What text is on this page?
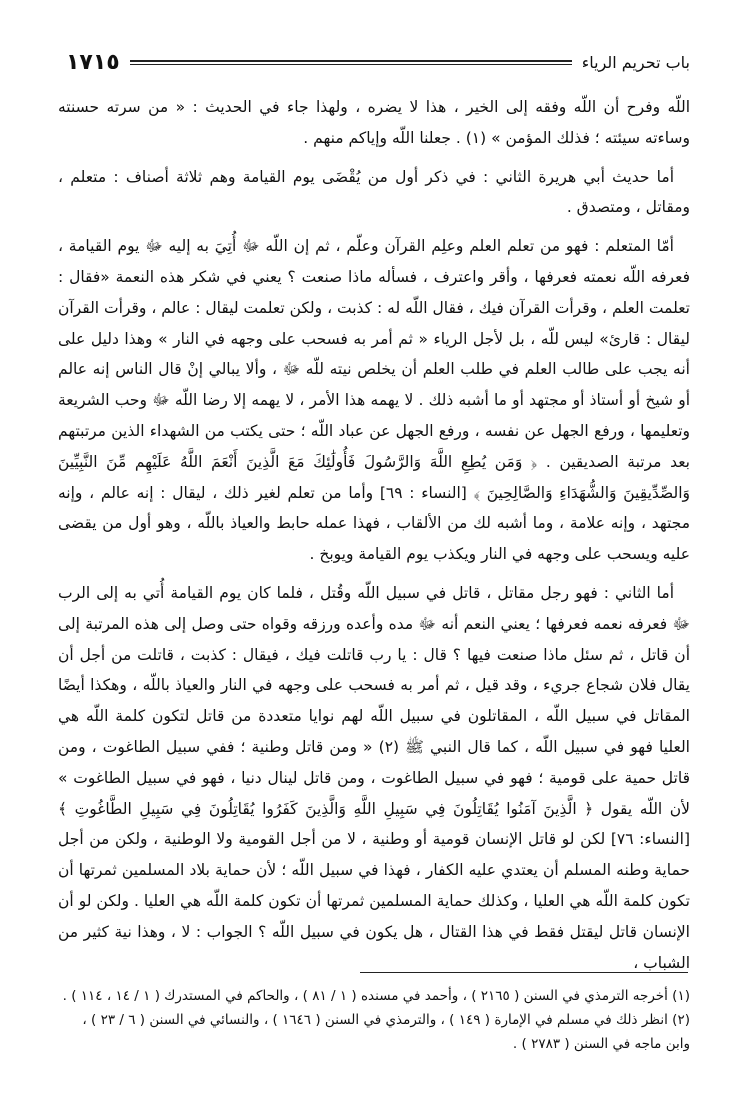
باب تحريم الرياء
١٧١٥

اللّه وفرح أن اللّه وفقه إلى الخير ، هذا لا يضره ، ولهذا جاء في الحديث : « من سرته حسنته وساءته سيئته ؛ فذلك المؤمن » (١) . جعلنا اللّه وإياكم منهم .

أما حديث أبي هريرة الثاني : في ذكر أول من يُقْضَى يوم القيامة وهم ثلاثة أصناف : متعلم ، ومقاتل ، ومتصدق .

أمّا المتعلم : فهو من تعلم العلم وعلِم القرآن وعلّم ، ثم إن اللّه ﷻ أُتِيَ به إليه ﷻ يوم القيامة ، فعرفه اللّه نعمته فعرفها ، وأقر واعترف ، فسأله ماذا صنعت ؟ يعني في شكر هذه النعمة «فقال : تعلمت العلم ، وقرأت القرآن فيك ، فقال اللّه له : كذبت ، ولكن تعلمت ليقال : عالم ، وقرأت القرآن ليقال : قارئ» ليس للّه ، بل لأجل الرياء « ثم أمر به فسحب على وجهه في النار » وهذا دليل على أنه يجب على طالب العلم في طلب العلم أن يخلص نيته للّه ﷻ ، وألا يبالي إنْ قال الناس إنه عالم أو شيخ أو أستاذ أو مجتهد أو ما أشبه ذلك . لا يهمه هذا الأمر ، لا يهمه إلا رضا اللّه ﷻ وحب الشريعة وتعليمها ، ورفع الجهل عن نفسه ، ورفع الجهل عن عباد اللّه ؛ حتى يكتب من الشهداء الذين مرتبتهم بعد مرتبة الصديقين . ﴿ وَمَن يُطِعِ اللَّهَ وَالرَّسُولَ فَأُولَٰئِكَ مَعَ الَّذِينَ أَنْعَمَ اللَّهُ عَلَيْهِم مِّنَ النَّبِيِّينَ وَالصِّدِّيقِينَ وَالشُّهَدَاءِ وَالصَّالِحِينَ ﴾ [النساء : ٦٩] وأما من تعلم لغير ذلك ، ليقال : إنه عالم ، وإنه مجتهد ، وإنه علامة ، وما أشبه لك من الألقاب ، فهذا عمله حابط والعياذ باللّه ، وهو أول من يقضى عليه ويسحب على وجهه في النار ويكذب يوم القيامة ويوبخ .

أما الثاني : فهو رجل مقاتل ، قاتل في سبيل اللّه وقُتل ، فلما كان يوم القيامة أُتي به إلى الرب ﷻ فعرفه نعمه فعرفها ؛ يعني النعم أنه ﷻ مده وأعده ورزقه وقواه حتى وصل إلى هذه المرتبة إلى أن قاتل ، ثم سئل ماذا صنعت فيها ؟ قال : يا رب قاتلت فيك ، فيقال : كذبت ، قاتلت من أجل أن يقال فلان شجاع جريء ، وقد قيل ، ثم أمر به فسحب على وجهه في النار والعياذ باللّه ، وهكذا أيضًا المقاتل في سبيل اللّه ، المقاتلون في سبيل اللّه لهم نوايا متعددة من قاتل لتكون كلمة اللّه هي العليا فهو في سبيل اللّه ، كما قال النبي ﷺ (٢) « ومن قاتل وطنية ؛ ففي سبيل الطاغوت ، ومن قاتل حمية على قومية ؛ فهو في سبيل الطاغوت ، ومن قاتل لينال دنيا ، فهو في سبيل الطاغوت » لأن اللّه يقول ﴿ الَّذِينَ آمَنُوا يُقَاتِلُونَ فِي سَبِيلِ اللَّهِ وَالَّذِينَ كَفَرُوا يُقَاتِلُونَ فِي سَبِيلِ الطَّاغُوتِ ﴾ [النساء: ٧٦] لكن لو قاتل الإنسان قومية أو وطنية ، لا من أجل القومية ولا الوطنية ، ولكن من أجل حماية وطنه المسلم أن يعتدي عليه الكفار ، فهذا في سبيل اللّه ؛ لأن حماية بلاد المسلمين ثمرتها أن تكون كلمة اللّه هي العليا ، وكذلك حماية المسلمين ثمرتها أن تكون كلمة اللّه هي العليا . ولكن لو أن الإنسان قاتل ليقتل فقط في هذا القتال ، هل يكون في سبيل اللّه ؟ الجواب : لا ، وهذا نية كثير من الشباب ،

(١) أخرجه الترمذي في السنن ( ٢١٦٥ ) ، وأحمد في مسنده ( ١ / ٨١ ) ، والحاكم في المستدرك ( ١ / ١٤ ، ١١٤ ) .
(٢) انظر ذلك في مسلم في الإمارة ( ١٤٩ ) ، والترمذي في السنن ( ١٦٤٦ ) ، والنسائي في السنن ( ٦ / ٢٣ ) ، وابن ماجه في السنن ( ٢٧٨٣ ) .
